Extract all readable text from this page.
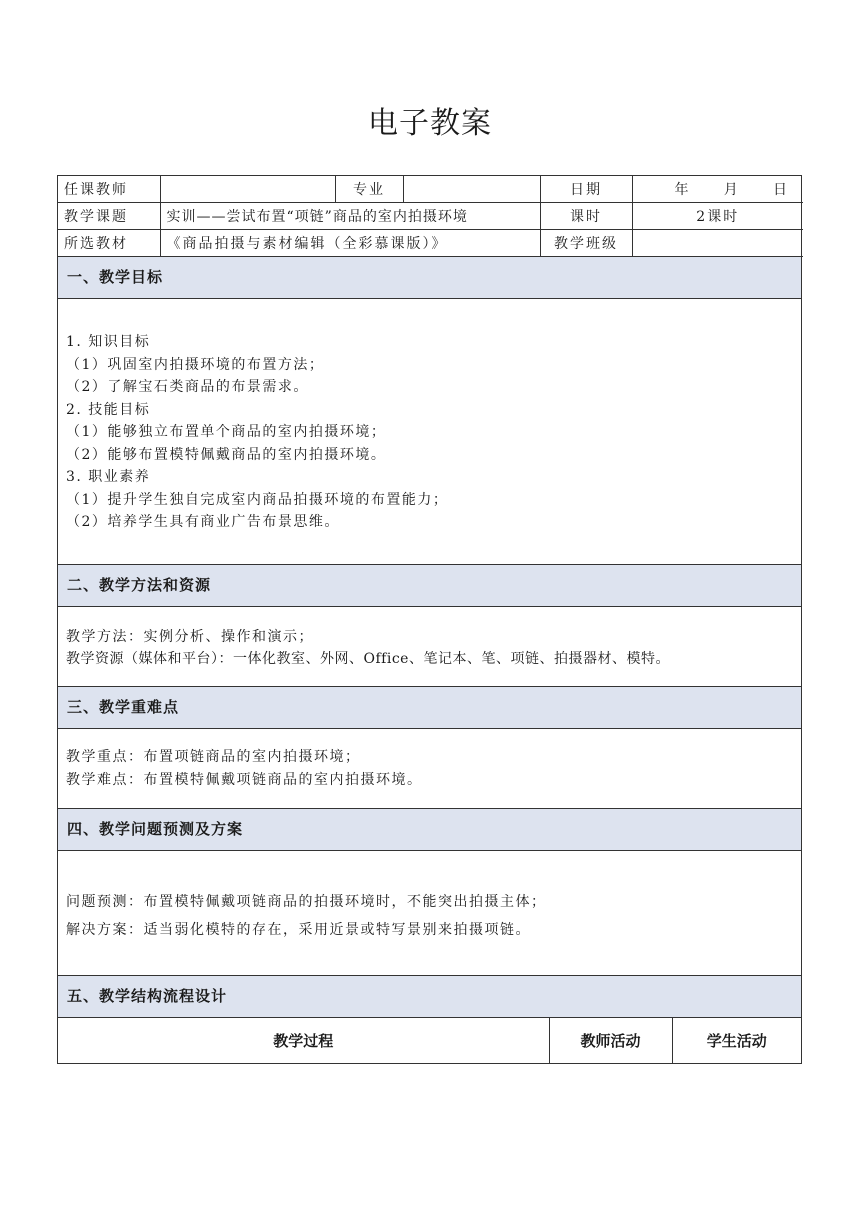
电子教案
任课教师		专业		日期	年 月 日

教学课题	实训——尝试布置“项链”商品的室内拍摄环境			课时	2课时
所选教材	《商品拍摄与素材编辑（全彩慕课版）》			教学班级	
一、教学目标
1. 知识目标
（1）巩固室内拍摄环境的布置方法；
（2）了解宝石类商品的布景需求。
2. 技能目标
（1）能够独立布置单个商品的室内拍摄环境；
（2）能够布置模特佩戴商品的室内拍摄环境。
3. 职业素养
（1）提升学生独自完成室内商品拍摄环境的布置能力；
（2）培养学生具有商业广告布景思维。
二、教学方法和资源
教学方法：实例分析、操作和演示；
教学资源（媒体和平台）：一体化教室、外网、Office、笔记本、笔、项链、拍摄器材、模特。
三、教学重难点
教学重点：布置项链商品的室内拍摄环境；
教学难点：布置模特佩戴项链商品的室内拍摄环境。
四、教学问题预测及方案
问题预测：布置模特佩戴项链商品的拍摄环境时，不能突出拍摄主体；
解决方案：适当弱化模特的存在，采用近景或特写景别来拍摄项链。
五、教学结构流程设计
教学过程	教师活动	学生活动
